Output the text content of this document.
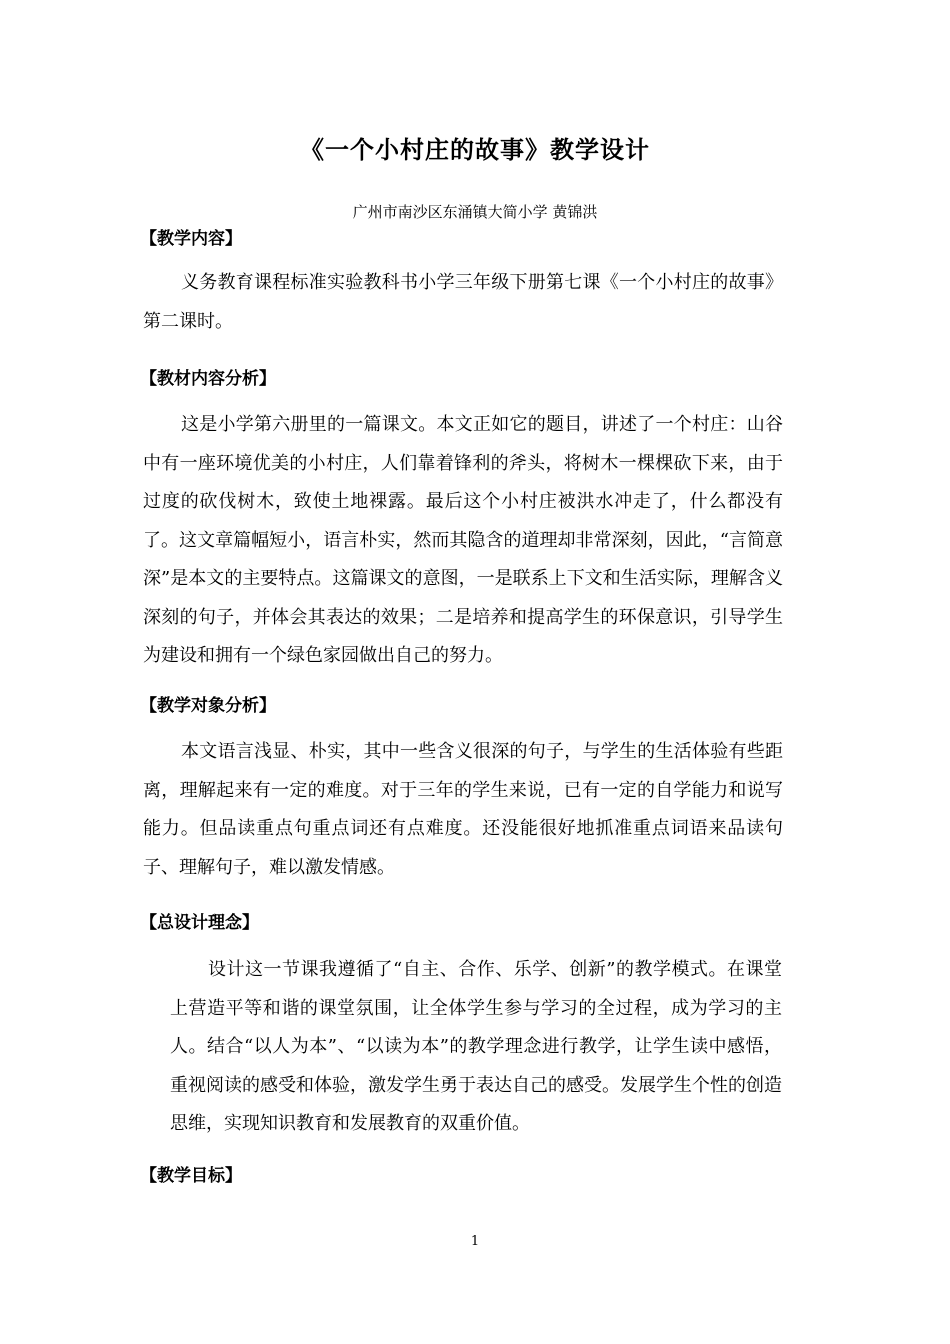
《一个小村庄的故事》教学设计
广州市南沙区东涌镇大简小学 黄锦洪
【教学内容】
义务教育课程标准实验教科书小学三年级下册第七课《一个小村庄的故事》第二课时。
【教材内容分析】
这是小学第六册里的一篇课文。本文正如它的题目，讲述了一个村庄：山谷中有一座环境优美的小村庄，人们靠着锋利的斧头，将树木一棵棵砍下来，由于过度的砍伐树木，致使土地裸露。最后这个小村庄被洪水冲走了，什么都没有了。这文章篇幅短小，语言朴实，然而其隐含的道理却非常深刻，因此，“言简意深”是本文的主要特点。这篇课文的意图，一是联系上下文和生活实际，理解含义深刻的句子，并体会其表达的效果；二是培养和提高学生的环保意识，引导学生为建设和拥有一个绿色家园做出自己的努力。
【教学对象分析】
本文语言浅显、朴实，其中一些含义很深的句子，与学生的生活体验有些距离，理解起来有一定的难度。对于三年的学生来说，已有一定的自学能力和说写能力。但品读重点句重点词还有点难度。还没能很好地抓准重点词语来品读句子、理解句子，难以激发情感。
【总设计理念】
设计这一节课我遵循了“自主、合作、乐学、创新”的教学模式。在课堂上营造平等和谐的课堂氛围，让全体学生参与学习的全过程，成为学习的主人。结合“以人为本”、“以读为本”的教学理念进行教学，让学生读中感悟，重视阅读的感受和体验，激发学生勇于表达自己的感受。发展学生个性的创造思维，实现知识教育和发展教育的双重价值。
【教学目标】
1
